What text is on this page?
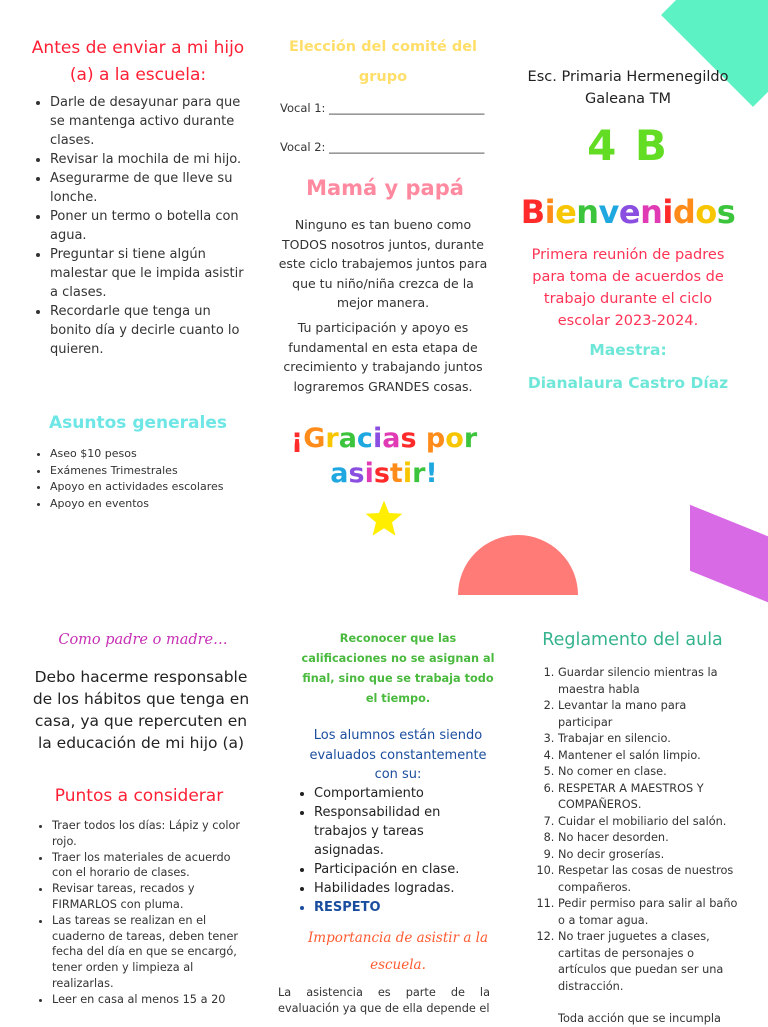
Antes de enviar a mi hijo (a) a la escuela:
• Darle de desayunar para que se mantenga activo durante clases.
• Revisar la mochila de mi hijo.
• Asegurarme de que lleve su lonche.
• Poner un termo o botella con agua.
• Preguntar si tiene algún malestar que le impida asistir a clases.
• Recordarle que tenga un bonito día y decirle cuanto lo quieren.
Asuntos generales
• Aseo $10 pesos
• Exámenes Trimestrales
• Apoyo en actividades escolares
• Apoyo en eventos
Elección del comité del grupo
Vocal 1: ___________________________
Vocal 2: ___________________________
Mamá y papá
Ninguno es tan bueno como TODOS nosotros juntos, durante este ciclo trabajemos juntos para que tu niño/niña crezca de la mejor manera.
Tu participación y apoyo es fundamental en esta etapa de crecimiento y trabajando juntos lograremos GRANDES cosas.
¡Gracias por asistir!
Esc. Primaria Hermenegildo Galeana TM
4 B
Bienvenidos
Primera reunión de padres para toma de acuerdos de trabajo durante el ciclo escolar 2023-2024.
Maestra:
Dianalaura Castro Díaz
Como padre o madre…
Debo hacerme responsable de los hábitos que tenga en casa, ya que repercuten en la educación de mi hijo (a)
Puntos a considerar
• Traer todos los días: Lápiz y color rojo.
• Traer los materiales de acuerdo con el horario de clases.
• Revisar tareas, recados y FIRMARLOS con pluma.
• Las tareas se realizan en el cuaderno de tareas, deben tener fecha del día en que se encargó, tener orden y limpieza al realizarlas.
• Leer en casa al menos 15 a 20
Reconocer que las calificaciones no se asignan al final, sino que se trabaja todo el tiempo.
Los alumnos están siendo evaluados constantemente con su:
• Comportamiento
• Responsabilidad en trabajos y tareas asignadas.
• Participación en clase.
• Habilidades logradas.
• RESPETO
Importancia de asistir a la escuela.
La asistencia es parte de la evaluación ya que de ella depende el
Reglamento del aula
1. Guardar silencio mientras la maestra habla
2. Levantar la mano para participar
3. Trabajar en silencio.
4. Mantener el salón limpio.
5. No comer en clase.
6. RESPETAR A MAESTROS Y COMPAÑEROS.
7. Cuidar el mobiliario del salón.
8. No hacer desorden.
9. No decir groserías.
10. Respetar las cosas de nuestros compañeros.
11. Pedir permiso para salir al baño o a tomar agua.
12. No traer juguetes a clases, cartitas de personajes o artículos que puedan ser una distracción.
Toda acción que se incumpla
